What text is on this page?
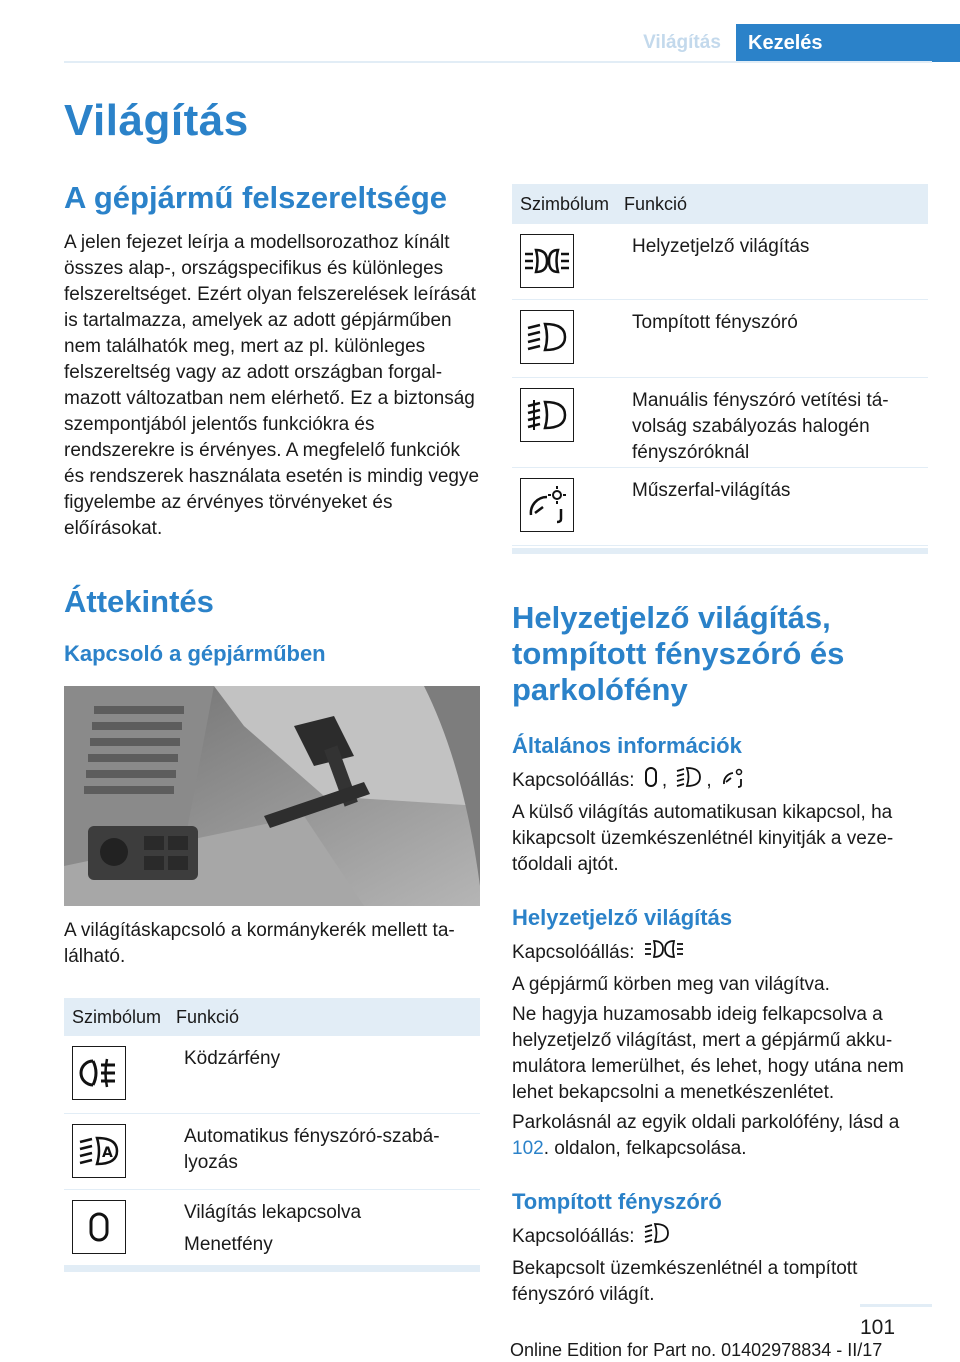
Világítás	Kezelés
Világítás
A gépjármű felszereltsége

A jelen fejezet leírja a modellsorozathoz kínált összes alap-, országspecifikus és különleges felszereltséget. Ezért olyan felszerelések leírását is tartalmazza, amelyek az adott gépjárműben nem találhatók meg, mert az pl. különleges felszereltség vagy az adott országban forgalmazott változatban nem elérhető. Ez a biztonság szempontjából jelentős funkciókra és rendszerekre is érvényes. A megfelelő funkciók és rendszerek használata esetén is mindig vegye figyelembe az érvényes törvényeket és előírásokat.

Áttekintés
Kapcsoló a gépjárműben

A világításkapcsoló a kormánykerék mellett található.

Szimbólum Funkció
Ködzárfény
A
Automatikus fényszóró-szabályozás
Világítás lekapcsolva
Menetfény
Szimbólum Funkció
Helyzetjelző világítás
Tompított fényszóró
Manuális fényszóró vetítési távolság szabályozás halogén fényszóróknál
Műszerfal-világítás
Helyzetjelző világítás, tompított fényszóró és parkolófény
Általános információk

Kapcsolóállás: , ,

A külső világítás automatikusan kikapcsol, ha kikapcsolt üzemkészenlétnél kinyitják a vezetőoldali ajtót.

Helyzetjelző világítás

Kapcsolóállás:

A gépjármű körben meg van világítva.

Ne hagyja huzamosabb ideig felkapcsolva a helyzetjelző világítást, mert a gépjármű akkumulátora lemerülhet, és lehet, hogy utána nem lehet bekapcsolni a menetkészenlétet.

Parkolásnál az egyik oldali parkolófény, lásd a 102. oldalon, felkapcsolása.

Tompított fényszóró

Kapcsolóállás:

Bekapcsolt üzemkészenlétnél a tompított fényszóró világít.

101
Online Edition for Part no. 01402978834 - II/17
